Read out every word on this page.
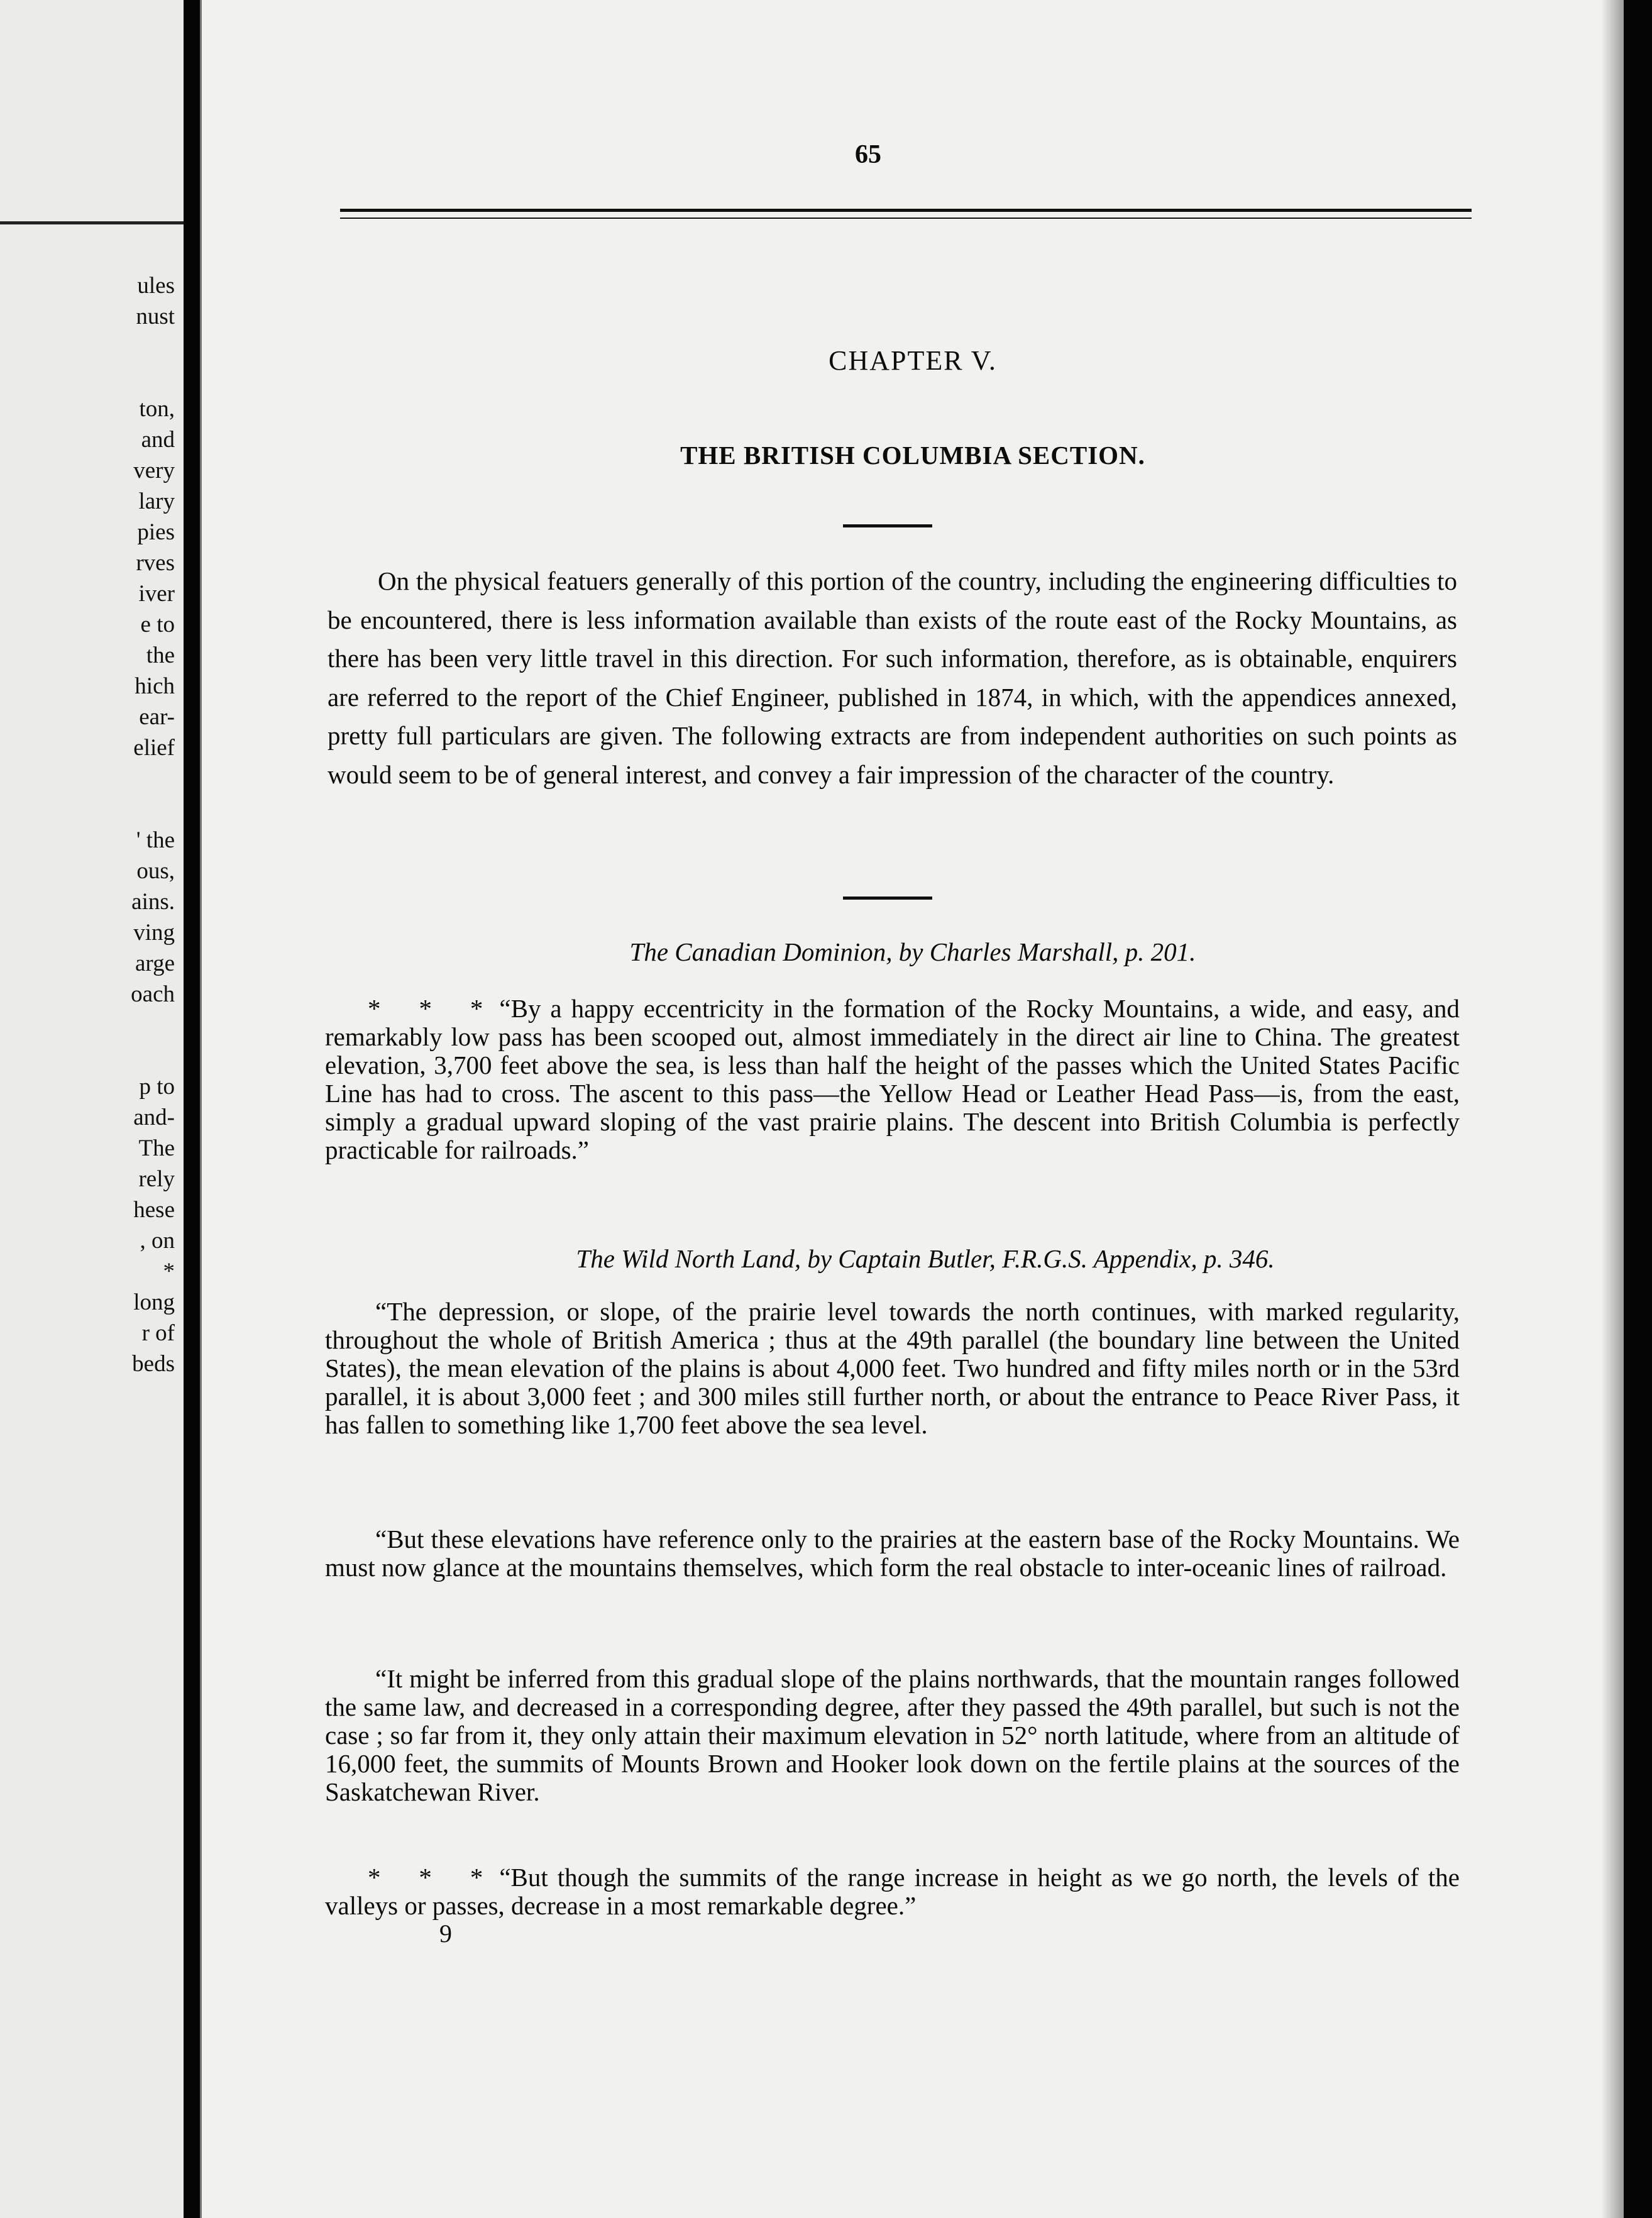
ules
nust
ton,
and
very
lary
pies
rves
iver
e to
the
hich
ear-
elief
' the
ous,
ains.
ving
arge
oach
p to
and-
The
rely
hese
, on
*
long
r of
beds
65
CHAPTER V.
THE BRITISH COLUMBIA SECTION.
On the physical featuers generally of this portion of the country, including the engineering difficulties to be encountered, there is less information available than exists of the route east of the Rocky Mountains, as there has been very little travel in this direction. For such information, therefore, as is obtainable, enquirers are referred to the report of the Chief Engineer, published in 1874, in which, with the appendices annexed, pretty full particulars are given. The following extracts are from independent authorities on such points as would seem to be of general interest, and convey a fair impression of the character of the country.
The Canadian Dominion, by Charles Marshall, p. 201.
* * * “By a happy eccentricity in the formation of the Rocky Mountains, a wide, and easy, and remarkably low pass has been scooped out, almost immediately in the direct air line to China. The greatest elevation, 3,700 feet above the sea, is less than half the height of the passes which the United States Pacific Line has had to cross. The ascent to this pass—the Yellow Head or Leather Head Pass—is, from the east, simply a gradual upward sloping of the vast prairie plains. The descent into British Columbia is perfectly practicable for railroads.”
The Wild North Land, by Captain Butler, F.R.G.S. Appendix, p. 346.
“The depression, or slope, of the prairie level towards the north continues, with marked regularity, throughout the whole of British America ; thus at the 49th parallel (the boundary line between the United States), the mean elevation of the plains is about 4,000 feet. Two hundred and fifty miles north or in the 53rd parallel, it is about 3,000 feet ; and 300 miles still further north, or about the entrance to Peace River Pass, it has fallen to something like 1,700 feet above the sea level.
“But these elevations have reference only to the prairies at the eastern base of the Rocky Mountains. We must now glance at the mountains themselves, which form the real obstacle to inter-oceanic lines of railroad.
“It might be inferred from this gradual slope of the plains northwards, that the mountain ranges followed the same law, and decreased in a corresponding degree, after they passed the 49th parallel, but such is not the case ; so far from it, they only attain their maximum elevation in 52° north latitude, where from an altitude of 16,000 feet, the summits of Mounts Brown and Hooker look down on the fertile plains at the sources of the Saskatchewan River.
* * * “But though the summits of the range increase in height as we go north, the levels of the valleys or passes, decrease in a most remarkable degree.”
9
